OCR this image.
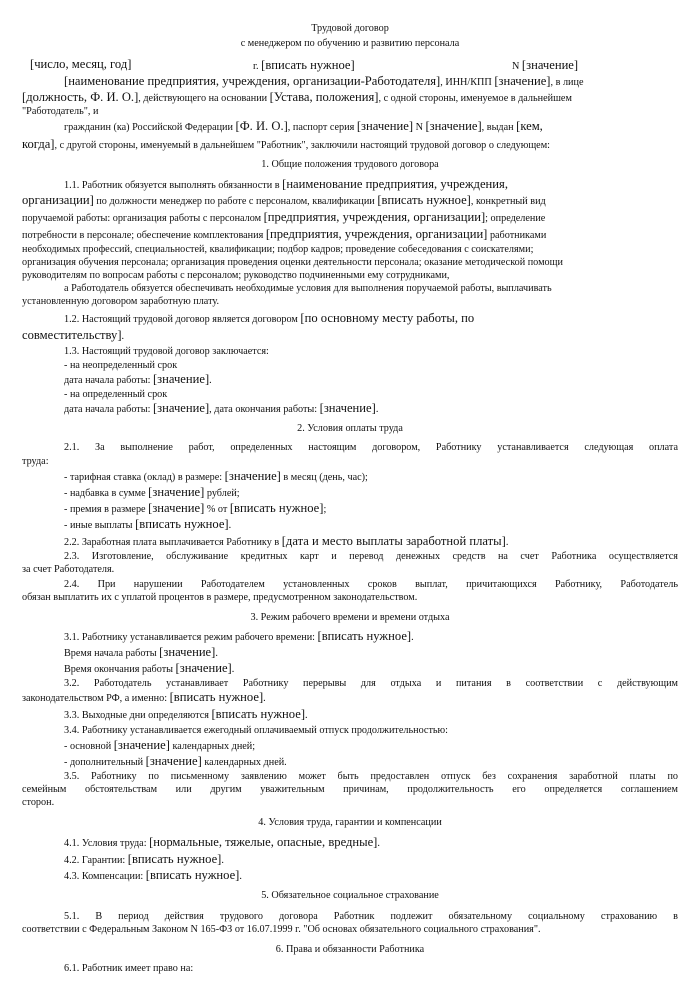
Трудовой договор
с менеджером по обучению и развитию персонала
[число, месяц, год]	г. [вписать нужное]	N [значение]
[наименование предприятия, учреждения, организации-Работодателя], ИНН/КПП [значение], в лице
[должность, Ф. И. О.], действующего на основании [Устава, положения], с одной стороны, именуемое в дальнейшем
"Работодатель", и
гражданин (ка) Российской Федерации [Ф. И. О.], паспорт серия [значение] N [значение], выдан [кем,
когда], с другой стороны, именуемый в дальнейшем "Работник", заключили настоящий трудовой договор о следующем:
1. Общие положения трудового договора
1.1. Работник обязуется выполнять обязанности в [наименование предприятия, учреждения,
организации] по должности менеджер по работе с персоналом, квалификации [вписать нужное], конкретный вид
поручаемой работы: организация работы с персоналом [предприятия, учреждения, организации]; определение
потребности в персонале; обеспечение комплектования [предприятия, учреждения, организации] работниками
необходимых профессий, специальностей, квалификации; подбор кадров; проведение собеседования с соискателями;
организация обучения персонала; организация проведения оценки деятельности персонала; оказание методической помощи
руководителям по вопросам работы с персоналом; руководство подчиненными ему сотрудниками,
а Работодатель обязуется обеспечивать необходимые условия для выполнения поручаемой работы, выплачивать
установленную договором заработную плату.
1.2. Настоящий трудовой договор является договором [по основному месту работы, по
совместительству].
1.3. Настоящий трудовой договор заключается:
- на неопределенный срок
дата начала работы: [значение].
- на определенный срок
дата начала работы: [значение], дата окончания работы: [значение].
2. Условия оплаты труда
2.1. За выполнение работ, определенных настоящим договором, Работнику устанавливается следующая оплата
труда:
- тарифная ставка (оклад) в размере: [значение] в месяц (день, час);
- надбавка в сумме [значение] рублей;
- премия в размере [значение] % от [вписать нужное];
- иные выплаты [вписать нужное].
2.2. Заработная плата выплачивается Работнику в [дата и место выплаты заработной платы].
2.3. Изготовление, обслуживание кредитных карт и перевод денежных средств на счет Работника осуществляется
за счет Работодателя.
2.4. При нарушении Работодателем установленных сроков выплат, причитающихся Работнику, Работодатель
обязан выплатить их с уплатой процентов в размере, предусмотренном законодательством.
3. Режим рабочего времени и времени отдыха
3.1. Работнику устанавливается режим рабочего времени: [вписать нужное].
Время начала работы [значение].
Время окончания работы [значение].
3.2. Работодатель устанавливает Работнику перерывы для отдыха и питания в соответствии с действующим
законодательством РФ, а именно: [вписать нужное].
3.3. Выходные дни определяются [вписать нужное].
3.4. Работнику устанавливается ежегодный оплачиваемый отпуск продолжительностью:
- основной [значение] календарных дней;
- дополнительный [значение] календарных дней.
3.5. Работнику по письменному заявлению может быть предоставлен отпуск без сохранения заработной платы по
семейным обстоятельствам или другим уважительным причинам, продолжительность его определяется соглашением
сторон.
4. Условия труда, гарантии и компенсации
4.1. Условия труда: [нормальные, тяжелые, опасные, вредные].
4.2. Гарантии: [вписать нужное].
4.3. Компенсации: [вписать нужное].
5. Обязательное социальное страхование
5.1. В период действия трудового договора Работник подлежит обязательному социальному страхованию в
соответствии с Федеральным Законом N 165-ФЗ от 16.07.1999 г. "Об основах обязательного социального страхования".
6. Права и обязанности Работника
6.1. Работник имеет право на:
